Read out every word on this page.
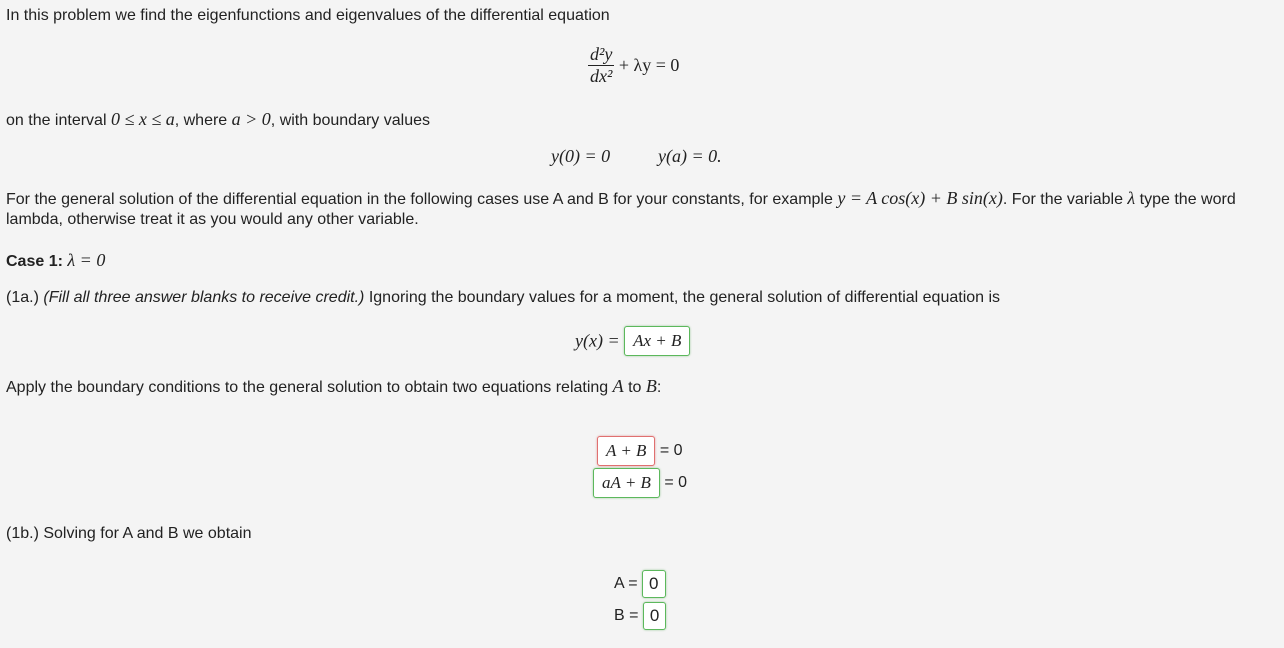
In this problem we find the eigenfunctions and eigenvalues of the differential equation
$\frac{\text{d²y}}{\text{dx²}} + \lambda y = 0$
on the interval 0 ≤ x ≤ a, where a > 0, with boundary values
y(0) = 0	y(a) = 0.
For the general solution of the differential equation in the following cases use A and B for your constants, for example y = A cos(x) + B sin(x). For the variable λ type the word
lambda, otherwise treat it as you would any other variable.
Case 1: λ = 0
(1a.) (Fill all three answer blanks to receive credit.) Ignoring the boundary values for a moment, the general solution of differential equation is
y(x) = Ax + B
Apply the boundary conditions to the general solution to obtain two equations relating A to B:
A + B = 0
aA + B = 0
(1b.) Solving for A and B we obtain
A = 0
B = 0
